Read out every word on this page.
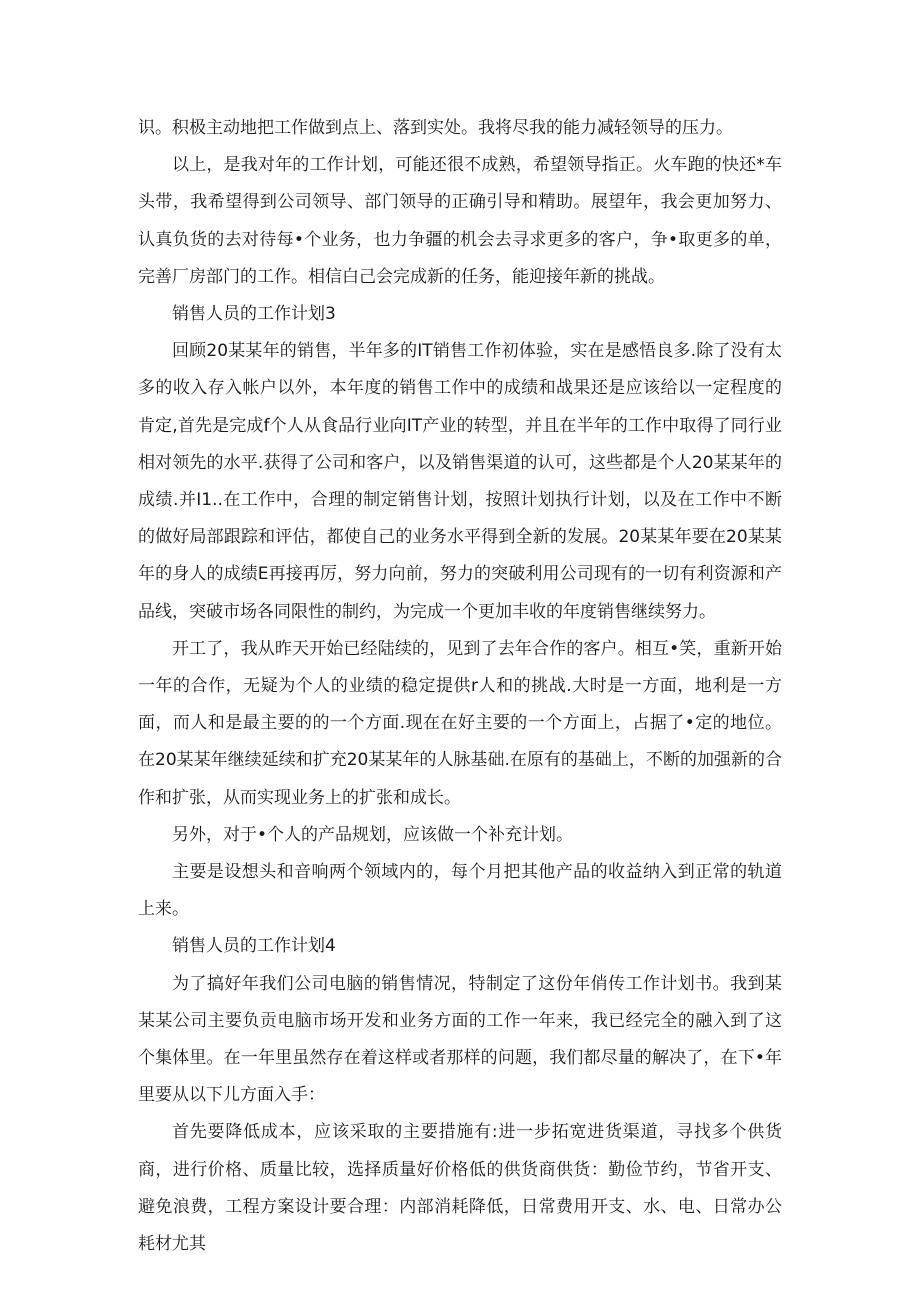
识。积极主动地把工作做到点上、落到实处。我将尽我的能力减轻领导的压力。

以上，是我对年的工作计划，可能还很不成熟，希望领导指正。火车跑的快还*车头带，我希望得到公司领导、部门领导的正确引导和精助。展望年，我会更加努力、认真负货的去对待每•个业务，也力争疆的机会去寻求更多的客户，争•取更多的单，完善厂房部门的工作。相信白己会完成新的任务，能迎接年新的挑战。

销售人员的工作计划3

回顾20某某年的销售，半年多的IT销售工作初体验，实在是感悟良多.除了没有太多的收入存入帐户以外，本年度的销售工作中的成绩和战果还是应该给以一定程度的肯定,首先是完成f个人从食品行业向IT产业的转型，并且在半年的工作中取得了同行业相对领先的水平.获得了公司和客户，以及销售渠道的认可，这些都是个人20某某年的成绩.并I1..在工作中，合理的制定销售计划，按照计划执行计划，以及在工作中不断的做好局部跟踪和评估，都使自己的业务水平得到全新的发展。20某某年要在20某某年的身人的成绩E再接再厉，努力向前，努力的突破利用公司现有的一切有利资源和产品线，突破市场各同限性的制约，为完成一个更加丰收的年度销售继续努力。

开工了，我从昨天开始已经陆续的，见到了去年合作的客户。相互•笑，重新开始一年的合作，无疑为个人的业绩的稳定提供r人和的挑战.大时是一方面，地利是一方面，而人和是最主要的的一个方面.现在在好主要的一个方面上，占据了•定的地位。在20某某年继续延续和扩充20某某年的人脉基础.在原有的基础上，不断的加强新的合作和扩张，从而实现业务上的扩张和成长。

另外，对于•个人的产品规划，应该做一个补充计划。

主要是设想头和音响两个领域内的，每个月把其他产品的收益纳入到正常的轨道上来。

销售人员的工作计划4

为了搞好年我们公司电脑的销售情况，特制定了这份年俏传工作计划书。我到某某某公司主要负贡电脑市场开发和业务方面的工作一年来，我已经完全的融入到了这个集体里。在一年里虽然存在着这样或者那样的问题，我们都尽量的解决了，在下•年里要从以下儿方面入手：

首先要降低成本，应该采取的主要措施有:进一步拓宽进货渠道，寻找多个供货商，进行价格、质量比较，选择质量好价格低的供货商供货：勤俭节约，节省开支、避免浪费，工程方案设计要合理：内部消耗降低，日常费用开支、水、电、日常办公耗材尤其
